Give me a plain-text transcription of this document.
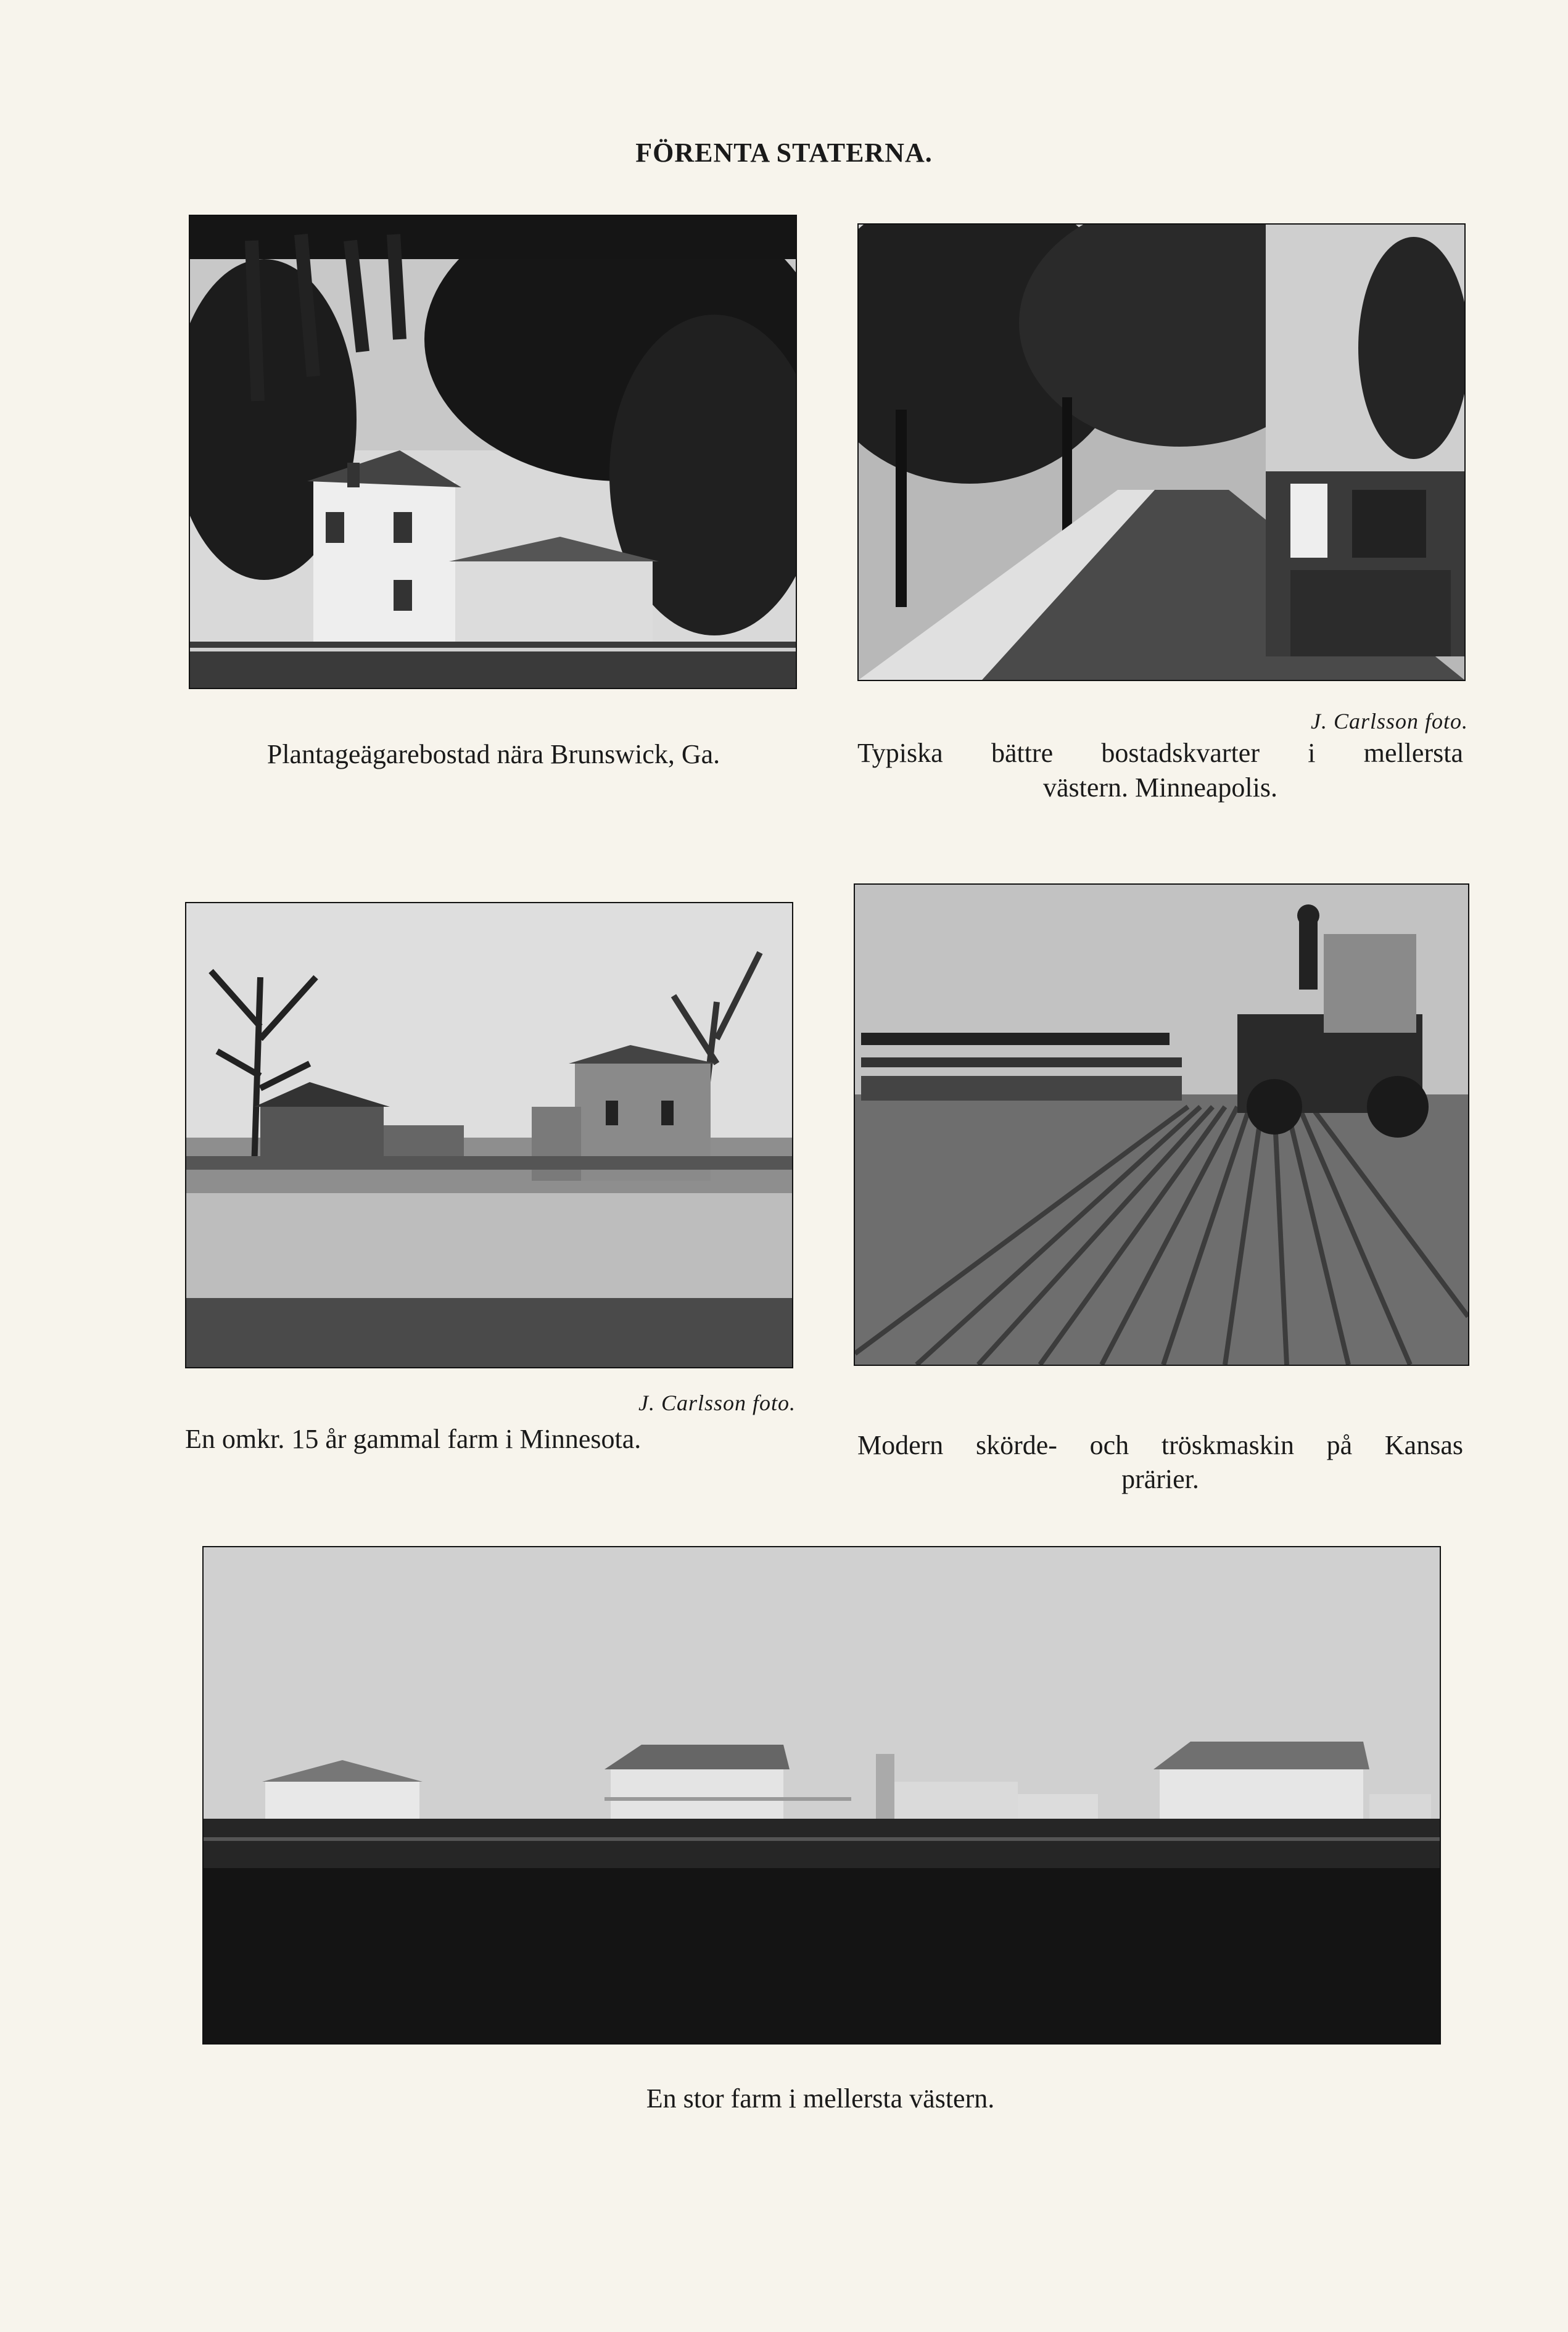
FÖRENTA STATERNA.
Plantageägarebostad nära Brunswick, Ga.
J. Carlsson foto.
Typiska bättre bostadskvarter i mellersta
västern. Minneapolis.
J. Carlsson foto.
En omkr. 15 år gammal farm i Minnesota.	Modern skörde- och tröskmaskin på Kansas
prärier.
En stor farm i mellersta västern.
